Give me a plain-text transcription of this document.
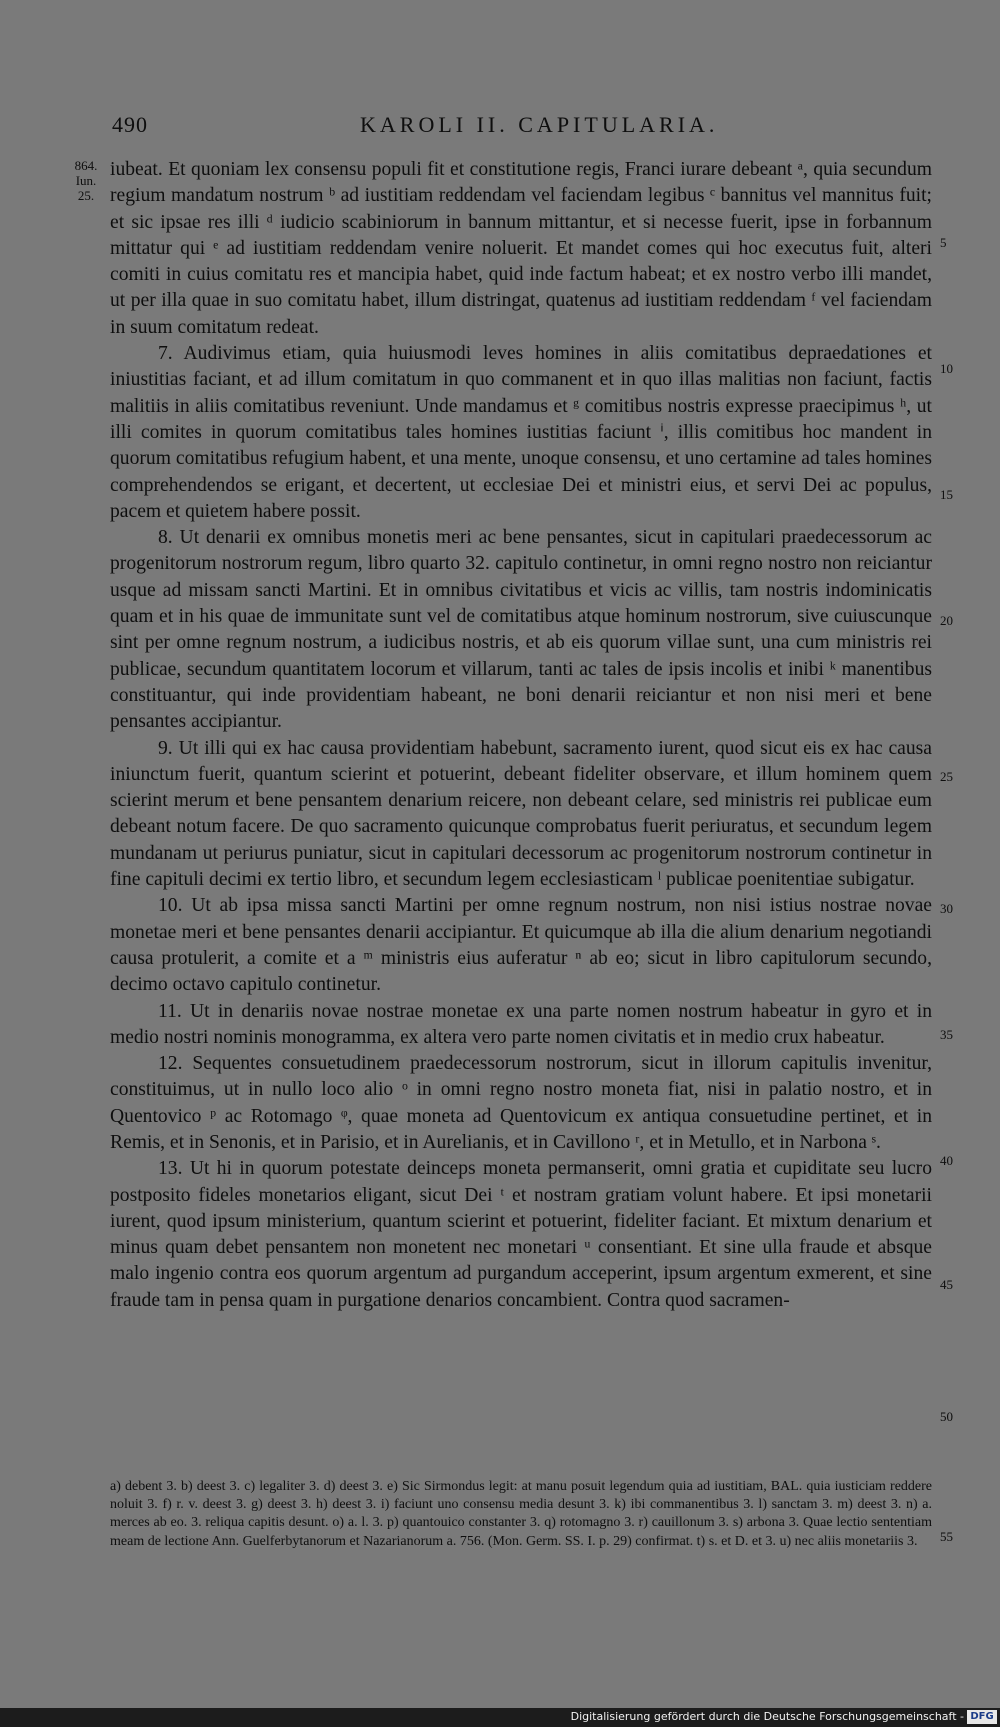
490	KAROLI II. CAPITULARIA.
864.
Iun.
25.

iubeat. Et quoniam lex consensu populi fit et constitutione regis, Franci iurare debeant ᵃ, quia secundum regium mandatum nostrum ᵇ ad iustitiam reddendam vel faciendam legibus ᶜ bannitus vel mannitus fuit; et sic ipsae res illi ᵈ iudicio scabiniorum in bannum mittantur, et si necesse fuerit, ipse in forbannum mittatur qui ᵉ ad iustitiam reddendam venire noluerit. Et mandet comes qui hoc executus fuit, alteri comiti in cuius comitatu res et mancipia habet, quid inde factum habeat; et ex nostro verbo illi mandet, ut per illa quae in suo comitatu habet, illum distringat, quatenus ad iustitiam reddendam ᶠ vel faciendam in suum comitatum redeat.

7. Audivimus etiam, quia huiusmodi leves homines in aliis comitatibus depraedationes et iniustitias faciant, et ad illum comitatum in quo commanent et in quo illas malitias non faciunt, factis malitiis in aliis comitatibus reveniunt. Unde mandamus et ᵍ comitibus nostris expresse praecipimus ʰ, ut illi comites in quorum comitatibus tales homines iustitias faciunt ⁱ, illis comitibus hoc mandent in quorum comitatibus refugium habent, et una mente, unoque consensu, et uno certamine ad tales homines comprehendendos se erigant, et decertent, ut ecclesiae Dei et ministri eius, et servi Dei ac populus, pacem et quietem habere possit.

8. Ut denarii ex omnibus monetis meri ac bene pensantes, sicut in capitulari praedecessorum ac progenitorum nostrorum regum, libro quarto 32. capitulo continetur, in omni regno nostro non reiciantur usque ad missam sancti Martini. Et in omnibus civitatibus et vicis ac villis, tam nostris indominicatis quam et in his quae de immunitate sunt vel de comitatibus atque hominum nostrorum, sive cuiuscunque sint per omne regnum nostrum, a iudicibus nostris, et ab eis quorum villae sunt, una cum ministris rei publicae, secundum quantitatem locorum et villarum, tanti ac tales de ipsis incolis et inibi ᵏ manentibus constituantur, qui inde providentiam habeant, ne boni denarii reiciantur et non nisi meri et bene pensantes accipiantur.

9. Ut illi qui ex hac causa providentiam habebunt, sacramento iurent, quod sicut eis ex hac causa iniunctum fuerit, quantum scierint et potuerint, debeant fideliter observare, et illum hominem quem scierint merum et bene pensantem denarium reicere, non debeant celare, sed ministris rei publicae eum debeant notum facere. De quo sacramento quicunque comprobatus fuerit periuratus, et secundum legem mundanam ut periurus puniatur, sicut in capitulari decessorum ac progenitorum nostrorum continetur in fine capituli decimi ex tertio libro, et secundum legem ecclesiasticam ˡ publicae poenitentiae subigatur.

10. Ut ab ipsa missa sancti Martini per omne regnum nostrum, non nisi istius nostrae novae monetae meri et bene pensantes denarii accipiantur. Et quicumque ab illa die alium denarium negotiandi causa protulerit, a comite et a ᵐ ministris eius auferatur ⁿ ab eo; sicut in libro capitulorum secundo, decimo octavo capitulo continetur.

11. Ut in denariis novae nostrae monetae ex una parte nomen nostrum habeatur in gyro et in medio nostri nominis monogramma, ex altera vero parte nomen civitatis et in medio crux habeatur.

12. Sequentes consuetudinem praedecessorum nostrorum, sicut in illorum capitulis invenitur, constituimus, ut in nullo loco alio ᵒ in omni regno nostro moneta fiat, nisi in palatio nostro, et in Quentovico ᵖ ac Rotomago ᵠ, quae moneta ad Quentovicum ex antiqua consuetudine pertinet, et in Remis, et in Senonis, et in Parisio, et in Aurelianis, et in Cavillono ʳ, et in Metullo, et in Narbona ˢ.

13. Ut hi in quorum potestate deinceps moneta permanserit, omni gratia et cupiditate seu lucro postposito fideles monetarios eligant, sicut Dei ᵗ et nostram gratiam volunt habere. Et ipsi monetarii iurent, quod ipsum ministerium, quantum scierint et potuerint, fideliter faciant. Et mixtum denarium et minus quam debet pensantem non monetent nec monetari ᵘ consentiant. Et sine ulla fraude et absque malo ingenio contra eos quorum argentum ad purgandum acceperint, ipsum argentum exmerent, et sine fraude tam in pensa quam in purgatione denarios concambient. Contra quod sacramen-

5
10
15
20
25
30
35
40
45
50
55
a) debent 3. b) deest 3. c) legaliter 3. d) deest 3. e) Sic Sirmondus legit: at manu posuit legendum quia ad iustitiam, BAL. quia iusticiam reddere noluit 3. f) r. v. deest 3. g) deest 3. h) deest 3. i) faciunt uno consensu media desunt 3. k) ibi commanentibus 3. l) sanctam 3. m) deest 3. n) a. merces ab eo. 3. reliqua capitis desunt. o) a. l. 3. p) quantouico constanter 3. q) rotomagno 3. r) cauillonum 3. s) arbona 3. Quae lectio sententiam meam de lectione Ann. Guelferbytanorum et Nazarianorum a. 756. (Mon. Germ. SS. I. p. 29) confirmat. t) s. et D. et 3. u) nec aliis monetariis 3.
Digitalisierung gefördert durch die Deutsche Forschungsgemeinschaft - DFG
